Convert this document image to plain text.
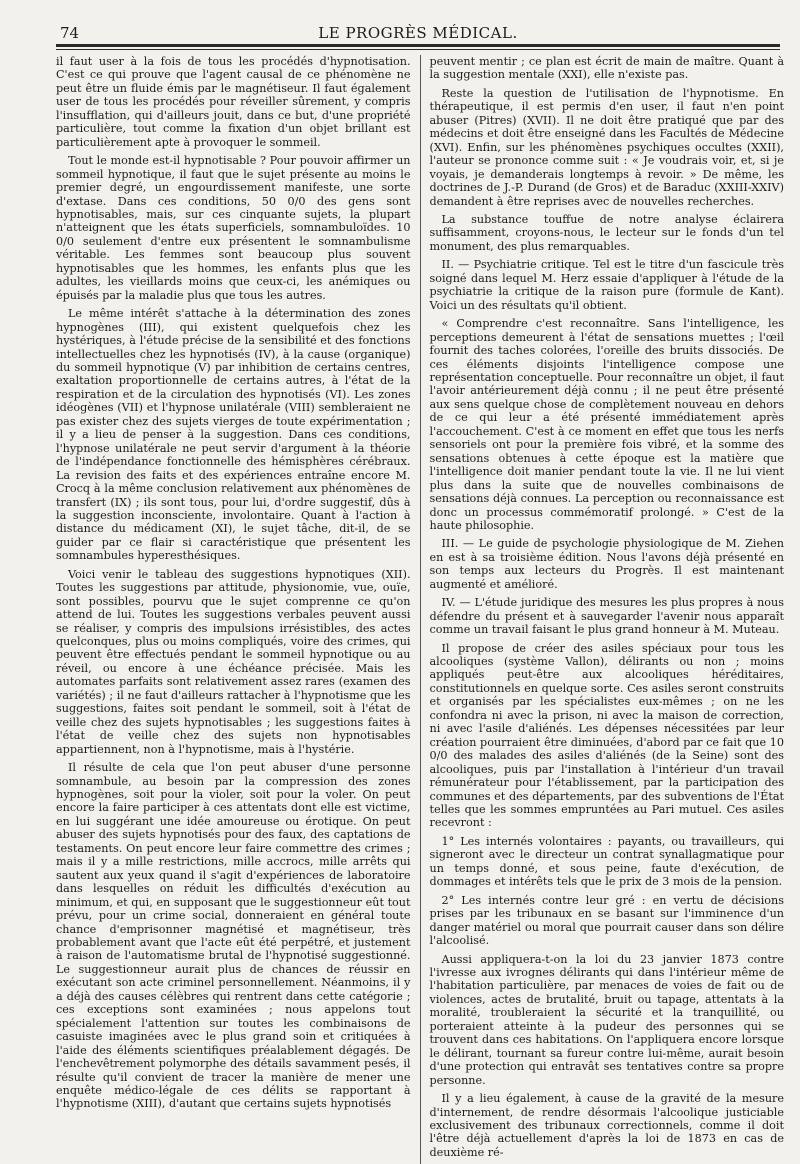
74	LE PROGRÈS MÉDICAL.

il faut user à la fois de tous les procédés d'hypnotisation. C'est ce qui prouve que l'agent causal de ce phénomène ne peut être un fluide émis par le magnétiseur. Il faut également user de tous les procédés pour réveiller sûrement, y compris l'insufflation, qui d'ailleurs jouit, dans ce but, d'une propriété particulière, tout comme la fixation d'un objet brillant est particulièrement apte à provoquer le sommeil.

Tout le monde est-il hypnotisable ? Pour pouvoir affirmer un sommeil hypnotique, il faut que le sujet présente au moins le premier degré, un engourdissement manifeste, une sorte d'extase. Dans ces conditions, 50 0/0 des gens sont hypnotisables, mais, sur ces cinquante sujets, la plupart n'atteignent que les états superficiels, somnambuloïdes. 10 0/0 seulement d'entre eux présentent le somnambulisme véritable. Les femmes sont beaucoup plus souvent hypnotisables que les hommes, les enfants plus que les adultes, les vieillards moins que ceux-ci, les anémiques ou épuisés par la maladie plus que tous les autres.

Le même intérêt s'attache à la détermination des zones hypnogènes (III), qui existent quelquefois chez les hystériques, à l'étude précise de la sensibilité et des fonctions intellectuelles chez les hypnotisés (IV), à la cause (organique) du sommeil hypnotique (V) par inhibition de certains centres, exaltation proportionnelle de certains autres, à l'état de la respiration et de la circulation des hypnotisés (VI). Les zones idéogènes (VII) et l'hypnose unilatérale (VIII) sembleraient ne pas exister chez des sujets vierges de toute expérimentation ; il y a lieu de penser à la suggestion. Dans ces conditions, l'hypnose unilatérale ne peut servir d'argument à la théorie de l'indépendance fonctionnelle des hémisphères cérébraux. La revision des faits et des expériences entraîne encore M. Crocq à la même conclusion relativement aux phénomènes de transfert (IX) ; ils sont tous, pour lui, d'ordre suggestif, dûs à la suggestion inconsciente, involontaire. Quant à l'action à distance du médicament (XI), le sujet tâche, dit-il, de se guider par ce flair si caractéristique que présentent les somnambules hyperesthésiques.

Voici venir le tableau des suggestions hypnotiques (XII). Toutes les suggestions par attitude, physionomie, vue, ouïe, sont possibles, pourvu que le sujet comprenne ce qu'on attend de lui. Toutes les suggestions verbales peuvent aussi se réaliser, y compris des impulsions irrésistibles, des actes quelconques, plus ou moins compliqués, voire des crimes, qui peuvent être effectués pendant le sommeil hypnotique ou au réveil, ou encore à une échéance précisée. Mais les automates parfaits sont relativement assez rares (examen des variétés) ; il ne faut d'ailleurs rattacher à l'hypnotisme que les suggestions, faites soit pendant le sommeil, soit à l'état de veille chez des sujets hypnotisables ; les suggestions faites à l'état de veille chez des sujets non hypnotisables appartiennent, non à l'hypnotisme, mais à l'hystérie.

Il résulte de cela que l'on peut abuser d'une personne somnambule, au besoin par la compression des zones hypnogènes, soit pour la violer, soit pour la voler. On peut encore la faire participer à ces attentats dont elle est victime, en lui suggérant une idée amoureuse ou érotique. On peut abuser des sujets hypnotisés pour des faux, des captations de testaments. On peut encore leur faire commettre des crimes ; mais il y a mille restrictions, mille accrocs, mille arrêts qui sautent aux yeux quand il s'agit d'expériences de laboratoire dans lesquelles on réduit les difficultés d'exécution au minimum, et qui, en supposant que le suggestionneur eût tout prévu, pour un crime social, donneraient en général toute chance d'emprisonner magnétisé et magnétiseur, très probablement avant que l'acte eût été perpétré, et justement à raison de l'automatisme brutal de l'hypnotisé suggestionné. Le suggestionneur aurait plus de chances de réussir en exécutant son acte criminel personnellement. Néanmoins, il y a déjà des causes célèbres qui rentrent dans cette catégorie ; ces exceptions sont examinées ; nous appelons tout spécialement l'attention sur toutes les combinaisons de casuiste imaginées avec le plus grand soin et critiquées à l'aide des éléments scientifiques préalablement dégagés. De l'enchevêtrement polymorphe des détails savamment pesés, il résulte qu'il convient de tracer la manière de mener une enquête médico-légale de ces délits se rapportant à l'hypnotisme (XIII), d'autant que certains sujets hypnotisés

peuvent mentir ; ce plan est écrit de main de maître. Quant à la suggestion mentale (XXI), elle n'existe pas.

Reste la question de l'utilisation de l'hypnotisme. En thérapeutique, il est permis d'en user, il faut n'en point abuser (Pitres) (XVII). Il ne doit être pratiqué que par des médecins et doit être enseigné dans les Facultés de Médecine (XVI). Enfin, sur les phénomènes psychiques occultes (XXII), l'auteur se prononce comme suit : « Je voudrais voir, et, si je voyais, je demanderais longtemps à revoir. » De même, les doctrines de J.-P. Durand (de Gros) et de Baraduc (XXIII-XXIV) demandent à être reprises avec de nouvelles recherches.

La substance touffue de notre analyse éclairera suffisamment, croyons-nous, le lecteur sur le fonds d'un tel monument, des plus remarquables.

II. — Psychiatrie critique. Tel est le titre d'un fascicule très soigné dans lequel M. Herz essaie d'appliquer à l'étude de la psychiatrie la critique de la raison pure (formule de Kant). Voici un des résultats qu'il obtient.

« Comprendre c'est reconnaître. Sans l'intelligence, les perceptions demeurent à l'état de sensations muettes ; l'œil fournit des taches colorées, l'oreille des bruits dissociés. De ces éléments disjoints l'intelligence compose une représentation conceptuelle. Pour reconnaître un objet, il faut l'avoir antérieurement déjà connu ; il ne peut être présenté aux sens quelque chose de complètement nouveau en dehors de ce qui leur a été présenté immédiatement après l'accouchement. C'est à ce moment en effet que tous les nerfs sensoriels ont pour la première fois vibré, et la somme des sensations obtenues à cette époque est la matière que l'intelligence doit manier pendant toute la vie. Il ne lui vient plus dans la suite que de nouvelles combinaisons de sensations déjà connues. La perception ou reconnaissance est donc un processus commémoratif prolongé. » C'est de la haute philosophie.

III. — Le guide de psychologie physiologique de M. Ziehen en est à sa troisième édition. Nous l'avons déjà présenté en son temps aux lecteurs du Progrès. Il est maintenant augmenté et amélioré.

IV. — L'étude juridique des mesures les plus propres à nous défendre du présent et à sauvegarder l'avenir nous apparaît comme un travail faisant le plus grand honneur à M. Muteau.

Il propose de créer des asiles spéciaux pour tous les alcooliques (système Vallon), délirants ou non ; moins appliqués peut-être aux alcooliques héréditaires, constitutionnels en quelque sorte. Ces asiles seront construits et organisés par les spécialistes eux-mêmes ; on ne les confondra ni avec la prison, ni avec la maison de correction, ni avec l'asile d'aliénés. Les dépenses nécessitées par leur création pourraient être diminuées, d'abord par ce fait que 10 0/0 des malades des asiles d'aliénés (de la Seine) sont des alcooliques, puis par l'installation à l'intérieur d'un travail rémunérateur pour l'établissement, par la participation des communes et des départements, par des subventions de l'État telles que les sommes empruntées au Pari mutuel. Ces asiles recevront :

1° Les internés volontaires : payants, ou travailleurs, qui signeront avec le directeur un contrat synallagmatique pour un temps donné, et sous peine, faute d'exécution, de dommages et intérêts tels que le prix de 3 mois de la pension.

2° Les internés contre leur gré : en vertu de décisions prises par les tribunaux en se basant sur l'imminence d'un danger matériel ou moral que pourrait causer dans son délire l'alcoolisé.

Aussi appliquera-t-on la loi du 23 janvier 1873 contre l'ivresse aux ivrognes délirants qui dans l'intérieur même de l'habitation particulière, par menaces de voies de fait ou de violences, actes de brutalité, bruit ou tapage, attentats à la moralité, troubleraient la sécurité et la tranquillité, ou porteraient atteinte à la pudeur des personnes qui se trouvent dans ces habitations. On l'appliquera encore lorsque le délirant, tournant sa fureur contre lui-même, aurait besoin d'une protection qui entravât ses tentatives contre sa propre personne.

Il y a lieu également, à cause de la gravité de la mesure d'internement, de rendre désormais l'alcoolique justiciable exclusivement des tribunaux correctionnels, comme il doit l'être déjà actuellement d'après la loi de 1873 en cas de deuxième ré-
